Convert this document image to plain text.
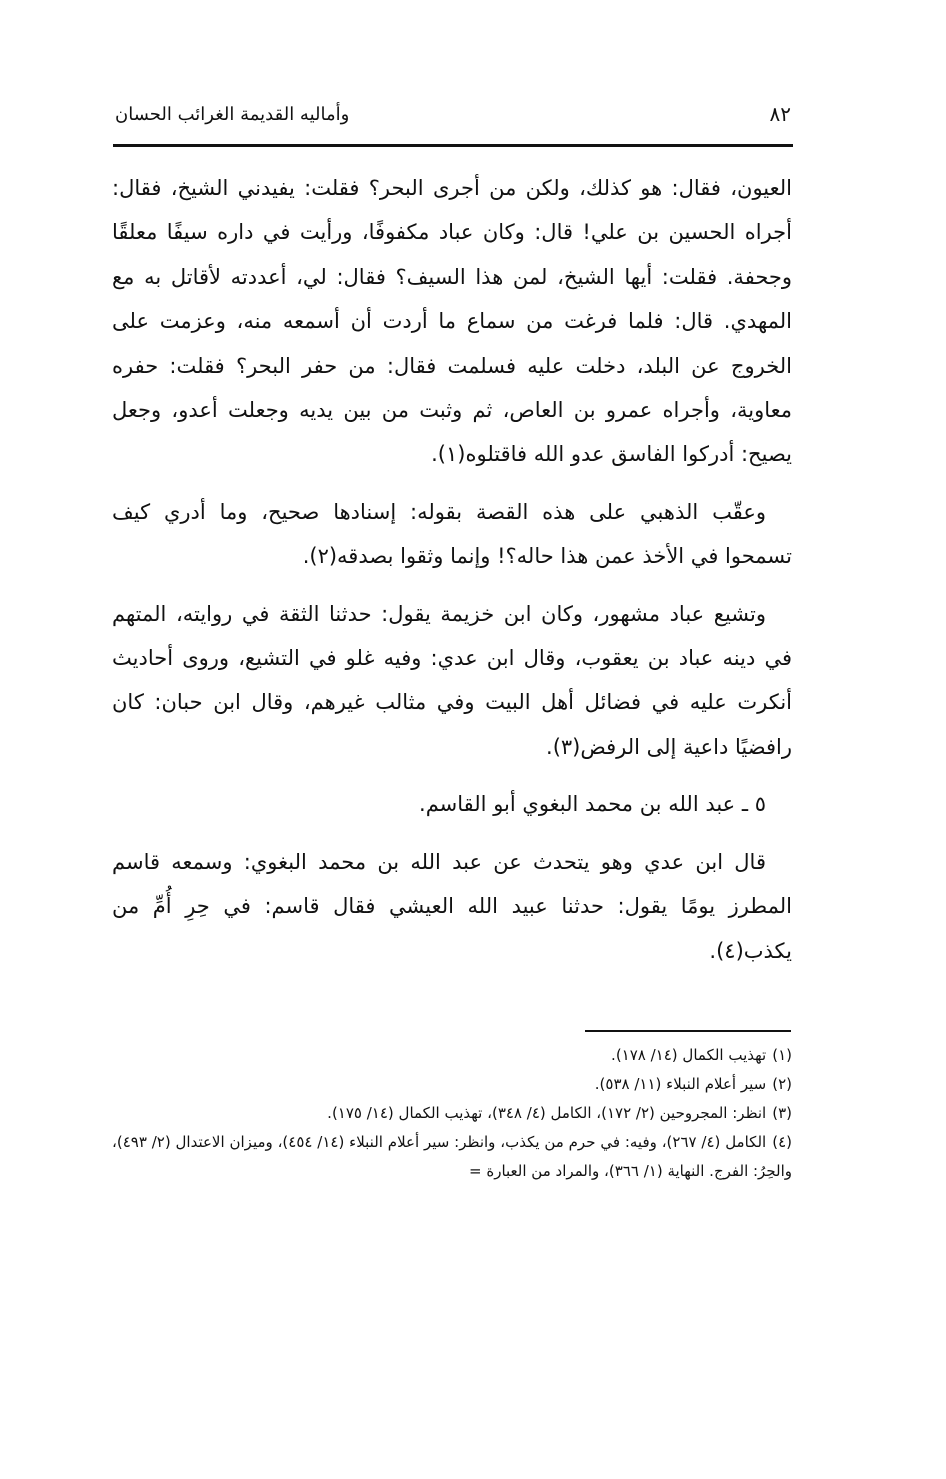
وأماليه القديمة الغرائب الحسان	٨٢

العيون، فقال: هو كذلك، ولكن من أجرى البحر؟ فقلت: يفيدني الشيخ، فقال: أجراه الحسين بن علي! قال: وكان عباد مكفوفًا، ورأيت في داره سيفًا معلقًا وجحفة. فقلت: أيها الشيخ، لمن هذا السيف؟ فقال: لي، أعددته لأقاتل به مع المهدي. قال: فلما فرغت من سماع ما أردت أن أسمعه منه، وعزمت على الخروج عن البلد، دخلت عليه فسلمت فقال: من حفر البحر؟ فقلت: حفره معاوية، وأجراه عمرو بن العاص، ثم وثبت من بين يديه وجعلت أعدو، وجعل يصيح: أدركوا الفاسق عدو الله فاقتلوه(١).

وعقّب الذهبي على هذه القصة بقوله: إسنادها صحيح، وما أدري كيف تسمحوا في الأخذ عمن هذا حاله؟! وإنما وثقوا بصدقه(٢).

وتشيع عباد مشهور، وكان ابن خزيمة يقول: حدثنا الثقة في روايته، المتهم في دينه عباد بن يعقوب، وقال ابن عدي: وفيه غلو في التشيع، وروى أحاديث أنكرت عليه في فضائل أهل البيت وفي مثالب غيرهم، وقال ابن حبان: كان رافضيًا داعية إلى الرفض(٣).

٥ ـ عبد الله بن محمد البغوي أبو القاسم.

قال ابن عدي وهو يتحدث عن عبد الله بن محمد البغوي: وسمعه قاسم المطرز يومًا يقول: حدثنا عبيد الله العيشي فقال قاسم: في حِرِ أُمِّ من يكذب(٤).

(١)تهذيب الكمال (١٤/ ١٧٨).

(٢)سير أعلام النبلاء (١١/ ٥٣٨).

(٣)انظر: المجروحين (٢/ ١٧٢)، الكامل (٤/ ٣٤٨)، تهذيب الكمال (١٤/ ١٧٥).

(٤)الكامل (٤/ ٢٦٧)، وفيه: في حرم من يكذب، وانظر: سير أعلام النبلاء (١٤/ ٤٥٤)، وميزان الاعتدال (٢/ ٤٩٣)، والحِرُ: الفرج. النهاية (١/ ٣٦٦)، والمراد من العبارة =
